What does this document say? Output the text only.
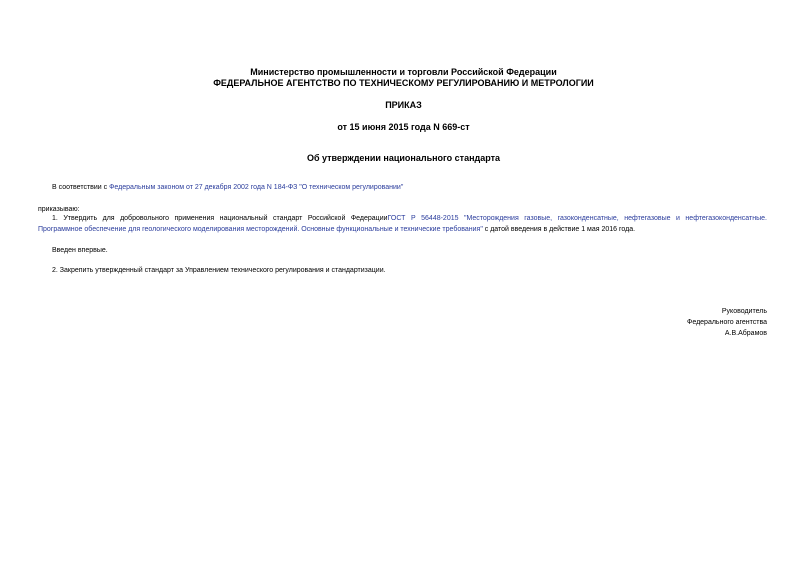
Министерство промышленности и торговли Российской Федерации
ФЕДЕРАЛЬНОЕ АГЕНТСТВО ПО ТЕХНИЧЕСКОМУ РЕГУЛИРОВАНИЮ И МЕТРОЛОГИИ
ПРИКАЗ
от 15 июня 2015 года N 669-ст
Об утверждении национального стандарта
В соответствии с Федеральным законом от 27 декабря 2002 года N 184-ФЗ "О техническом регулировании"
приказываю:
1. Утвердить для добровольного применения национальный стандарт Российской ФедерацииГОСТ Р 56448-2015 "Месторождения газовые, газоконденсатные, нефтегазовые и нефтегазоконденсатные.
Программное обеспечение для геологического моделирования месторождений. Основные функциональные и технические требования" с датой введения в действие 1 мая 2016 года.
Введен впервые.
2. Закрепить утвержденный стандарт за Управлением технического регулирования и стандартизации.
Руководитель
Федерального агентства
А.В.Абрамов
